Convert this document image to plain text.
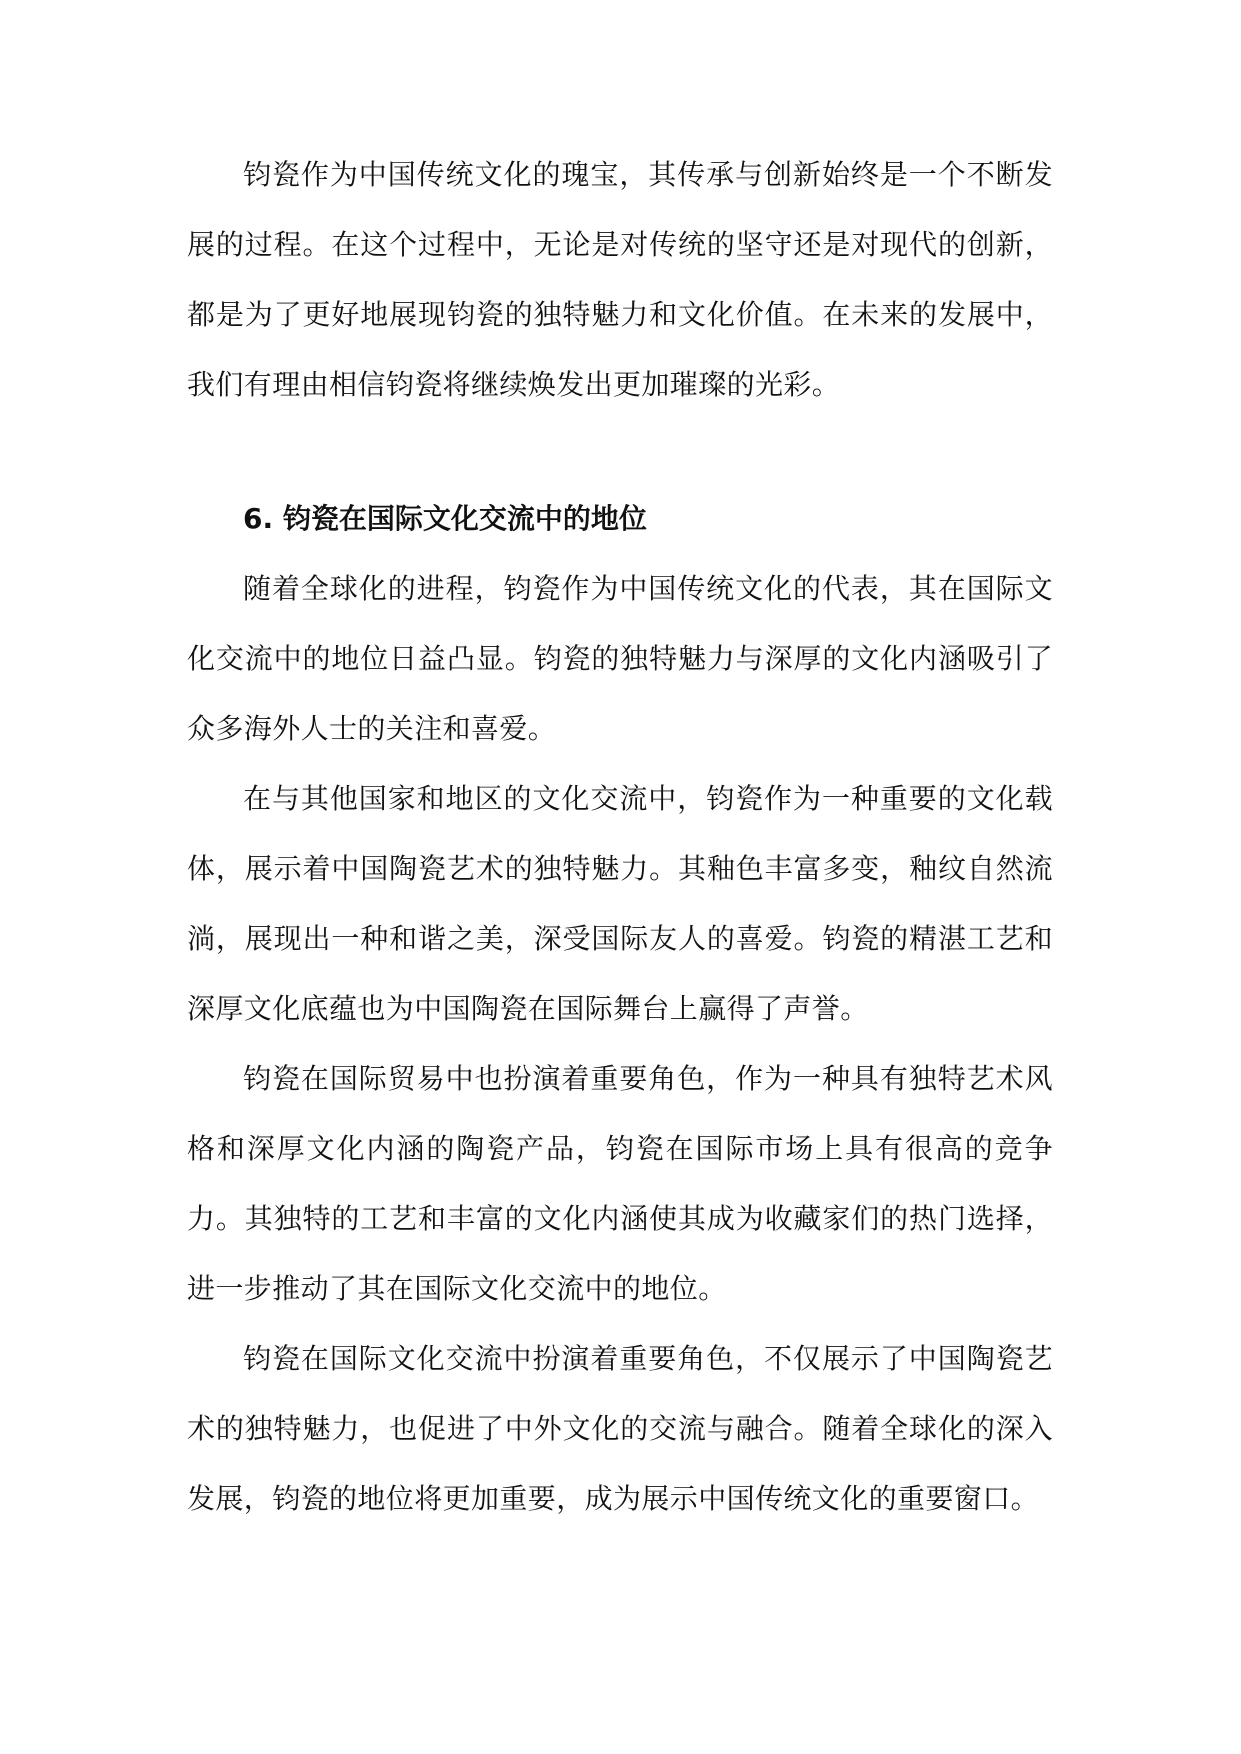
钧瓷作为中国传统文化的瑰宝，其传承与创新始终是一个不断发展的过程。在这个过程中，无论是对传统的坚守还是对现代的创新，都是为了更好地展现钧瓷的独特魅力和文化价值。在未来的发展中，我们有理由相信钧瓷将继续焕发出更加璀璨的光彩。

6. 钧瓷在国际文化交流中的地位

随着全球化的进程，钧瓷作为中国传统文化的代表，其在国际文化交流中的地位日益凸显。钧瓷的独特魅力与深厚的文化内涵吸引了众多海外人士的关注和喜爱。

在与其他国家和地区的文化交流中，钧瓷作为一种重要的文化载体，展示着中国陶瓷艺术的独特魅力。其釉色丰富多变，釉纹自然流淌，展现出一种和谐之美，深受国际友人的喜爱。钧瓷的精湛工艺和深厚文化底蕴也为中国陶瓷在国际舞台上赢得了声誉。

钧瓷在国际贸易中也扮演着重要角色，作为一种具有独特艺术风格和深厚文化内涵的陶瓷产品，钧瓷在国际市场上具有很高的竞争力。其独特的工艺和丰富的文化内涵使其成为收藏家们的热门选择，进一步推动了其在国际文化交流中的地位。

钧瓷在国际文化交流中扮演着重要角色，不仅展示了中国陶瓷艺术的独特魅力，也促进了中外文化的交流与融合。随着全球化的深入发展，钧瓷的地位将更加重要，成为展示中国传统文化的重要窗口。
